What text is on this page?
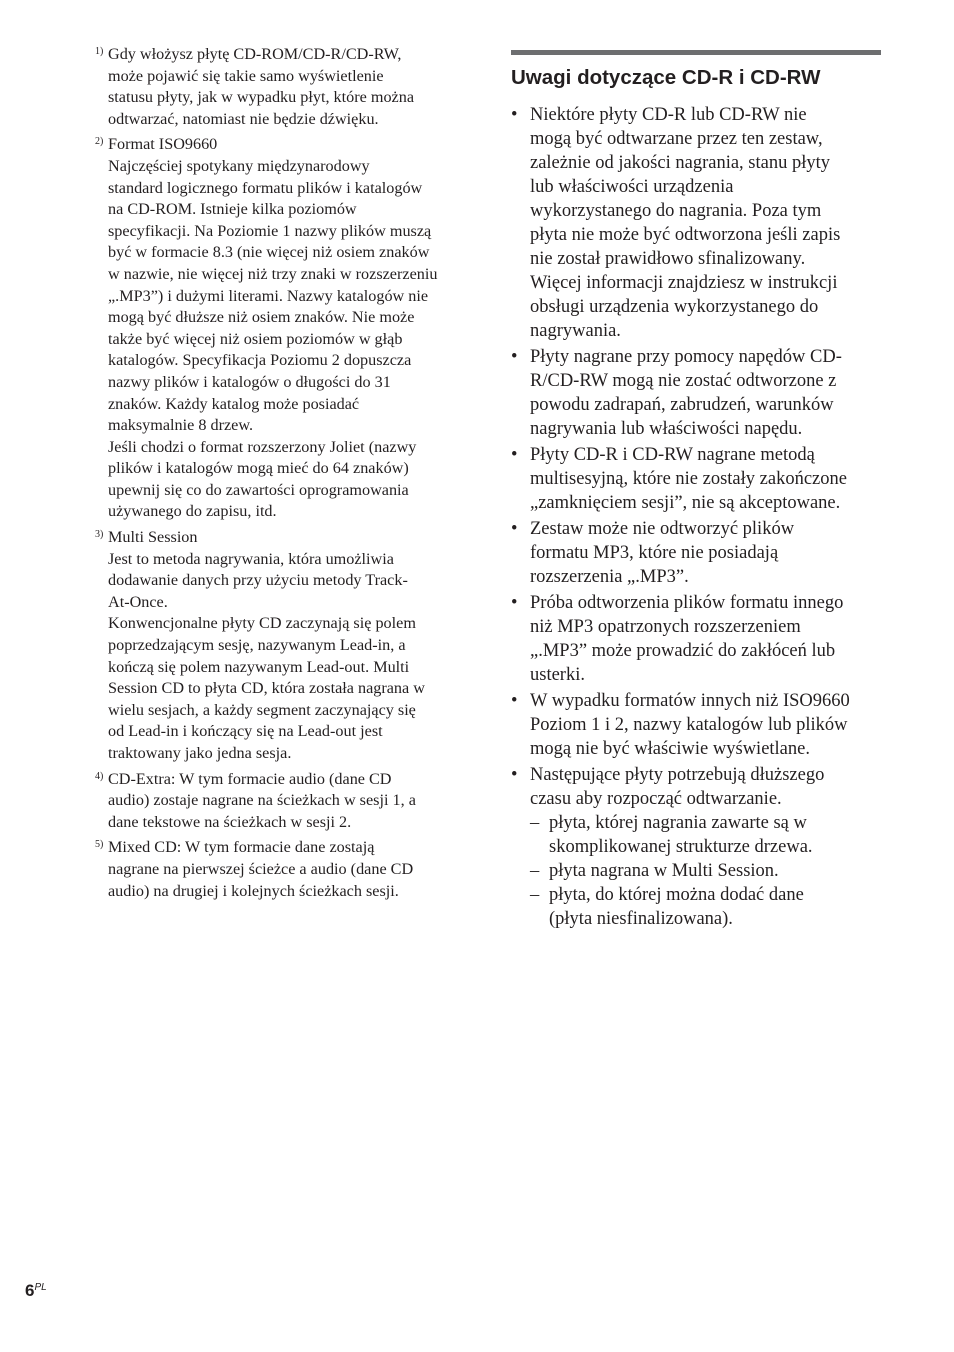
1) Gdy włożysz płytę CD-ROM/CD-R/CD-RW,
może pojawić się takie samo wyświetlenie
statusu płyty, jak w wypadku płyt, które można
odtwarzać, natomiast nie będzie dźwięku.
2) Format ISO9660
Najczęściej spotykany międzynarodowy
standard logicznego formatu plików i katalogów
na CD-ROM. Istnieje kilka poziomów
specyfikacji. Na Poziomie 1 nazwy plików muszą
być w formacie 8.3 (nie więcej niż osiem znaków
w nazwie, nie więcej niż trzy znaki w rozszerzeniu
„.MP3”) i dużymi literami. Nazwy katalogów nie
mogą być dłuższe niż osiem znaków. Nie może
także być więcej niż osiem poziomów w głąb
katalogów. Specyfikacja Poziomu 2 dopuszcza
nazwy plików i katalogów o długości do 31
znaków. Każdy katalog może posiadać
maksymalnie 8 drzew.
Jeśli chodzi o format rozszerzony Joliet (nazwy
plików i katalogów mogą mieć do 64 znaków)
upewnij się co do zawartości oprogramowania
używanego do zapisu, itd.
3) Multi Session
Jest to metoda nagrywania, która umożliwia
dodawanie danych przy użyciu metody Track-
At-Once.
Konwencjonalne płyty CD zaczynają się polem
poprzedzającym sesję, nazywanym Lead-in, a
kończą się polem nazywanym Lead-out. Multi
Session CD to płyta CD, która została nagrana w
wielu sesjach, a każdy segment zaczynający się
od Lead-in i kończący się na Lead-out jest
traktowany jako jedna sesja.
4) CD-Extra: W tym formacie audio (dane CD
audio) zostaje nagrane na ścieżkach w sesji 1, a
dane tekstowe na ścieżkach w sesji 2.
5) Mixed CD: W tym formacie dane zostają
nagrane na pierwszej ścieżce a audio (dane CD
audio) na drugiej i kolejnych ścieżkach sesji.
Uwagi dotyczące CD-R i CD-RW
• Niektóre płyty CD-R lub CD-RW nie
mogą być odtwarzane przez ten zestaw,
zależnie od jakości nagrania, stanu płyty
lub właściwości urządzenia
wykorzystanego do nagrania. Poza tym
płyta nie może być odtworzona jeśli zapis
nie został prawidłowo sfinalizowany.
Więcej informacji znajdziesz w instrukcji
obsługi urządzenia wykorzystanego do
nagrywania.
• Płyty nagrane przy pomocy napędów CD-
R/CD-RW mogą nie zostać odtworzone z
powodu zadrapań, zabrudzeń, warunków
nagrywania lub właściwości napędu.
• Płyty CD-R i CD-RW nagrane metodą
multisesyjną, które nie zostały zakończone
„zamknięciem sesji”, nie są akceptowane.
• Zestaw może nie odtworzyć plików
formatu MP3, które nie posiadają
rozszerzenia „.MP3”.
• Próba odtworzenia plików formatu innego
niż MP3 opatrzonych rozszerzeniem
„.MP3” może prowadzić do zakłóceń lub
usterki.
• W wypadku formatów innych niż ISO9660
Poziom 1 i 2, nazwy katalogów lub plików
mogą nie być właściwie wyświetlane.
• Następujące płyty potrzebują dłuższego
czasu aby rozpocząć odtwarzanie.
– płyta, której nagrania zawarte są w
skomplikowanej strukturze drzewa.
– płyta nagrana w Multi Session.
– płyta, do której można dodać dane
(płyta niesfinalizowana).
$6^{PL}$
